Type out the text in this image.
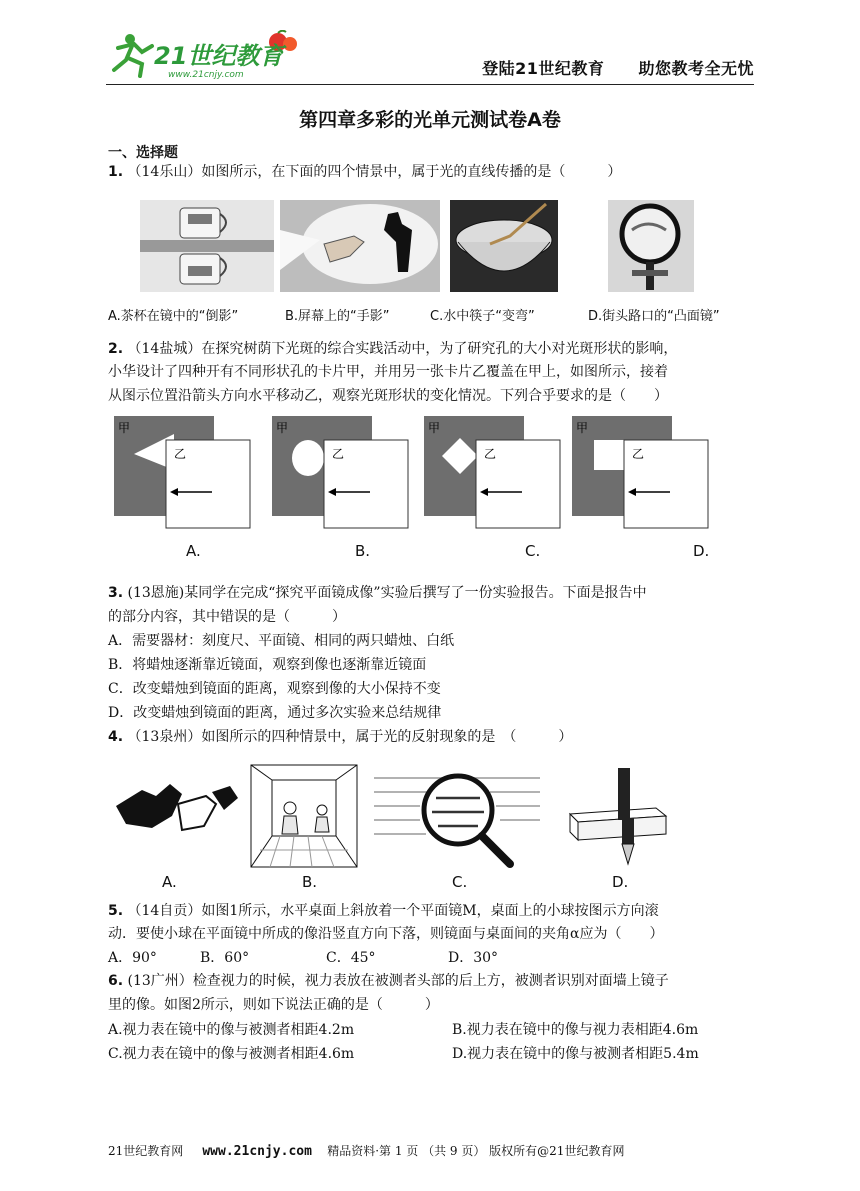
21世纪教育
www.21cnjy.com	登陆21世纪教育 助您教考全无忧
第四章多彩的光单元测试卷A卷
一、选择题
1. （14乐山）如图所示，在下面的四个情景中，属于光的直线传播的是（　　　）
A.茶杯在镜中的“倒影”	B.屏幕上的“手影”	C.水中筷子“变弯”	D.街头路口的“凸面镜”
2. （14盐城）在探究树荫下光斑的综合实践活动中，为了研究孔的大小对光斑形状的影响，
小华设计了四种开有不同形状孔的卡片甲，并用另一张卡片乙覆盖在甲上，如图所示，接着
从图示位置沿箭头方向水平移动乙，观察光斑形状的变化情况。下列合乎要求的是（　　）
甲
乙
甲
乙
甲
乙
甲
乙
A.	B.	C.	D.
3. (13恩施)某同学在完成“探究平面镜成像”实验后撰写了一份实验报告。下面是报告中
的部分内容，其中错误的是（　　　）
A．需要器材：刻度尺、平面镜、相同的两只蜡烛、白纸
B．将蜡烛逐渐靠近镜面，观察到像也逐渐靠近镜面
C．改变蜡烛到镜面的距离，观察到像的大小保持不变
D．改变蜡烛到镜面的距离，通过多次实验来总结规律
4. （13泉州）如图所示的四种情景中，属于光的反射现象的是　（　　　）
A.	B.	C.	D.
5. （14自贡）如图1所示，水平桌面上斜放着一个平面镜M，桌面上的小球按图示方向滚
动．要使小球在平面镜中所成的像沿竖直方向下落，则镜面与桌面间的夹角α应为（　　）
A．90°	B．60°	C．45°	D．30°
6. (13广州）检查视力的时候，视力表放在被测者头部的后上方，被测者识别对面墙上镜子
里的像。如图2所示，则如下说法正确的是（　　　）
A.视力表在镜中的像与被测者相距4.2m	B.视力表在镜中的像与视力表相距4.6m
C.视力表在镜中的像与被测者相距4.6m	D.视力表在镜中的像与被测者相距5.4m
21世纪教育网 www.21cnjy.com 精品资料·第 1 页 （共 9 页） 版权所有@21世纪教育网
